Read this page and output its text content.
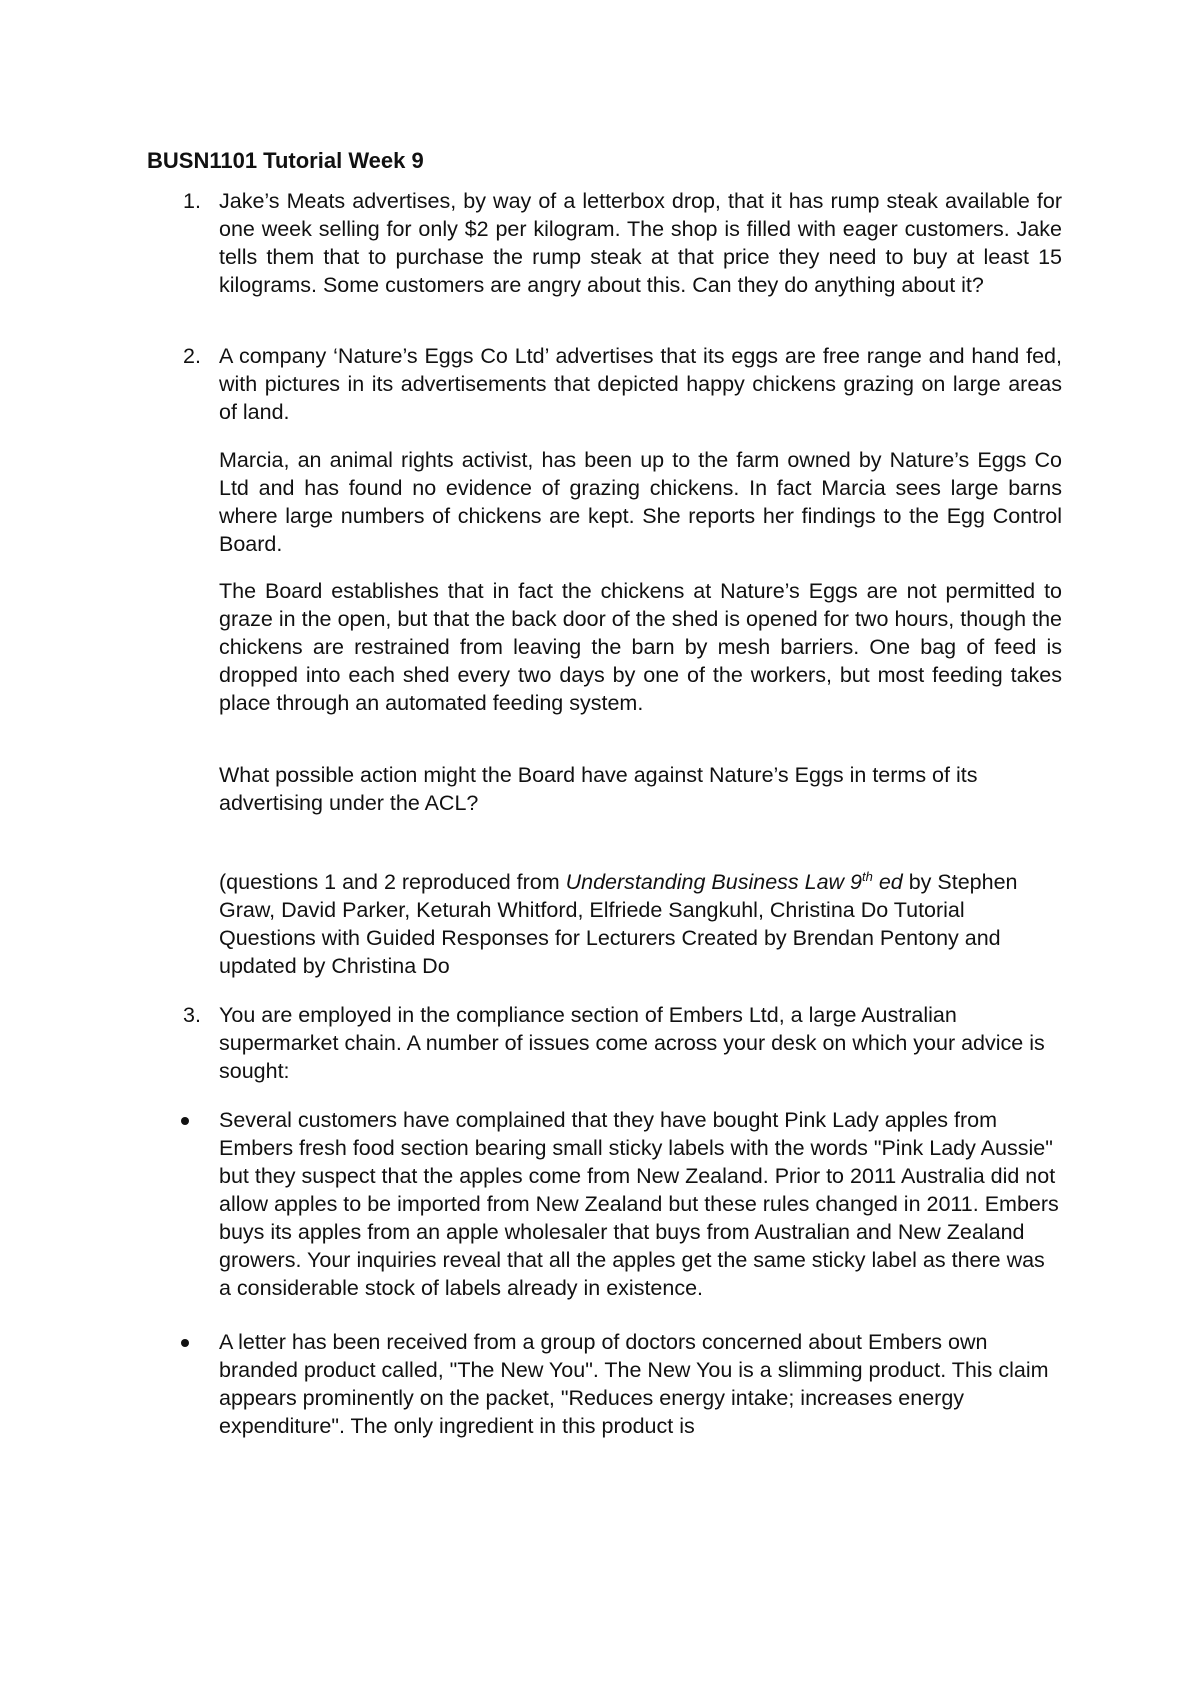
BUSN1101 Tutorial Week 9
1. Jake’s Meats advertises, by way of a letterbox drop, that it has rump steak available for one week selling for only $2 per kilogram. The shop is filled with eager customers. Jake tells them that to purchase the rump steak at that price they need to buy at least 15 kilograms. Some customers are angry about this. Can they do anything about it?

2. A company ‘Nature’s Eggs Co Ltd’ advertises that its eggs are free range and hand fed, with pictures in its advertisements that depicted happy chickens grazing on large areas of land.

Marcia, an animal rights activist, has been up to the farm owned by Nature’s Eggs Co Ltd and has found no evidence of grazing chickens. In fact Marcia sees large barns where large numbers of chickens are kept. She reports her findings to the Egg Control Board.

The Board establishes that in fact the chickens at Nature’s Eggs are not permitted to graze in the open, but that the back door of the shed is opened for two hours, though the chickens are restrained from leaving the barn by mesh barriers. One bag of feed is dropped into each shed every two days by one of the workers, but most feeding takes place through an automated feeding system.

What possible action might the Board have against Nature’s Eggs in terms of its advertising under the ACL?

(questions 1 and 2 reproduced from Understanding Business Law 9th ed by Stephen Graw, David Parker, Keturah Whitford, Elfriede Sangkuhl, Christina Do Tutorial Questions with Guided Responses for Lecturers Created by Brendan Pentony and updated by Christina Do

3. You are employed in the compliance section of Embers Ltd, a large Australian supermarket chain. A number of issues come across your desk on which your advice is sought:

Several customers have complained that they have bought Pink Lady apples from Embers fresh food section bearing small sticky labels with the words "Pink Lady Aussie" but they suspect that the apples come from New Zealand. Prior to 2011 Australia did not allow apples to be imported from New Zealand but these rules changed in 2011. Embers buys its apples from an apple wholesaler that buys from Australian and New Zealand growers. Your inquiries reveal that all the apples get the same sticky label as there was a considerable stock of labels already in existence.

A letter has been received from a group of doctors concerned about Embers own branded product called, "The New You". The New You is a slimming product. This claim appears prominently on the packet, "Reduces energy intake; increases energy expenditure". The only ingredient in this product is
